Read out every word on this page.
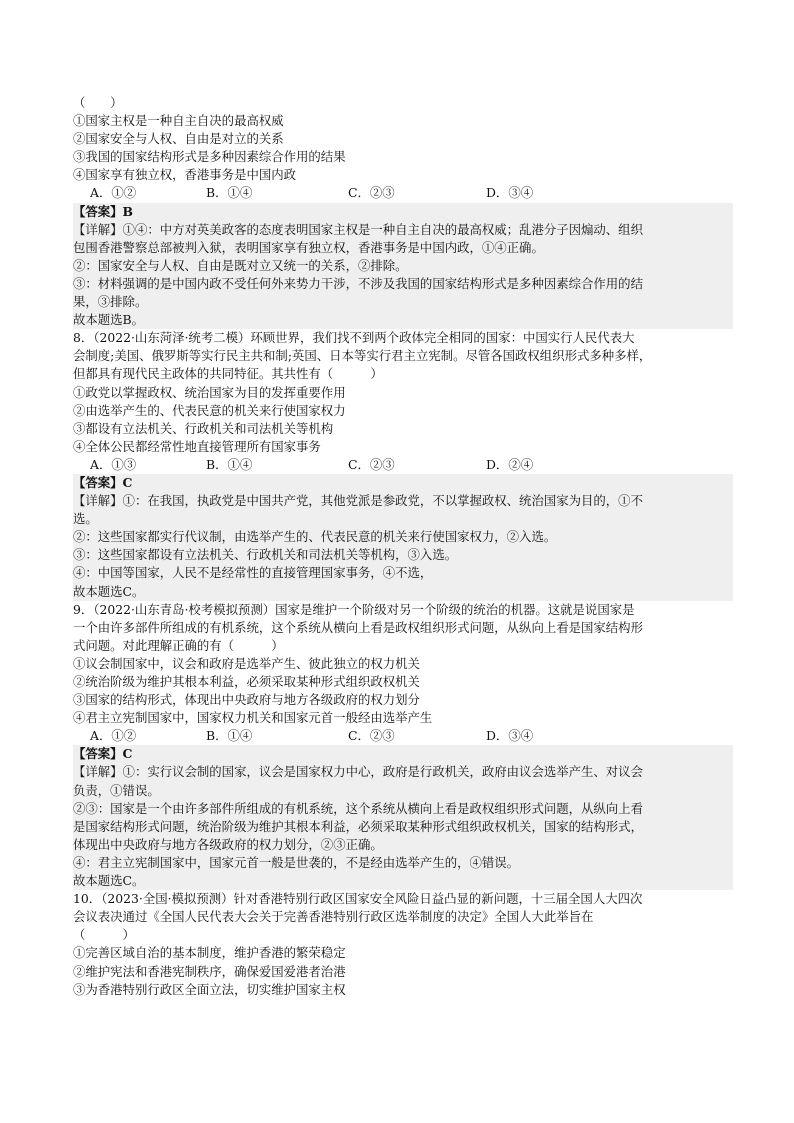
（　　）
①国家主权是一种自主自决的最高权威
②国家安全与人权、自由是对立的关系
③我国的国家结构形式是多种因素综合作用的结果
④国家享有独立权，香港事务是中国内政
A．①②	B．①④	C．②③	D．③④
【答案】B
【详解】①④：中方对英美政客的态度表明国家主权是一种自主自决的最高权威；乱港分子因煽动、组织
包围香港警察总部被判入狱，表明国家享有独立权，香港事务是中国内政，①④正确。
②：国家安全与人权、自由是既对立又统一的关系，②排除。
③：材料强调的是中国内政不受任何外来势力干涉，不涉及我国的国家结构形式是多种因素综合作用的结
果，③排除。
故本题选B。
8．（2022·山东菏泽·统考二模）环顾世界，我们找不到两个政体完全相同的国家：中国实行人民代表大
会制度;美国、俄罗斯等实行民主共和制;英国、日本等实行君主立宪制。尽管各国政权组织形式多种多样，
但都具有现代民主政体的共同特征。其共性有（　　　）
①政党以掌握政权、统治国家为目的发挥重要作用
②由选举产生的、代表民意的机关来行使国家权力
③都设有立法机关、行政机关和司法机关等机构
④全体公民都经常性地直接管理所有国家事务
A．①③	B．①④	C．②③	D．②④
【答案】C
【详解】①：在我国，执政党是中国共产党，其他党派是参政党，不以掌握政权、统治国家为目的，①不
选。
②：这些国家都实行代议制，由选举产生的、代表民意的机关来行使国家权力，②入选。
③：这些国家都设有立法机关、行政机关和司法机关等机构，③入选。
④：中国等国家，人民不是经常性的直接管理国家事务，④不选，
故本题选C。
9．（2022·山东青岛·校考模拟预测）国家是维护一个阶级对另一个阶级的统治的机器。这就是说国家是
一个由许多部件所组成的有机系统，这个系统从横向上看是政权组织形式问题，从纵向上看是国家结构形
式问题。对此理解正确的有（　　　）
①议会制国家中，议会和政府是选举产生、彼此独立的权力机关
②统治阶级为维护其根本利益，必须采取某种形式组织政权机关
③国家的结构形式，体现出中央政府与地方各级政府的权力划分
④君主立宪制国家中，国家权力机关和国家元首一般经由选举产生
A．①②	B．①④	C．②③	D．③④
【答案】C
【详解】①：实行议会制的国家，议会是国家权力中心，政府是行政机关，政府由议会选举产生、对议会
负责，①错误。
②③：国家是一个由许多部件所组成的有机系统，这个系统从横向上看是政权组织形式问题，从纵向上看
是国家结构形式问题，统治阶级为维护其根本利益，必须采取某种形式组织政权机关，国家的结构形式，
体现出中央政府与地方各级政府的权力划分，②③正确。
④：君主立宪制国家中，国家元首一般是世袭的，不是经由选举产生的，④错误。
故本题选C。
10．（2023·全国·模拟预测）针对香港特别行政区国家安全风险日益凸显的新问题，十三届全国人大四次
会议表决通过《全国人民代表大会关于完善香港特别行政区选举制度的决定》全国人大此举旨在
（　　　）
①完善区域自治的基本制度，维护香港的繁荣稳定
②维护宪法和香港宪制秩序，确保爱国爱港者治港
③为香港特别行政区全面立法，切实维护国家主权
